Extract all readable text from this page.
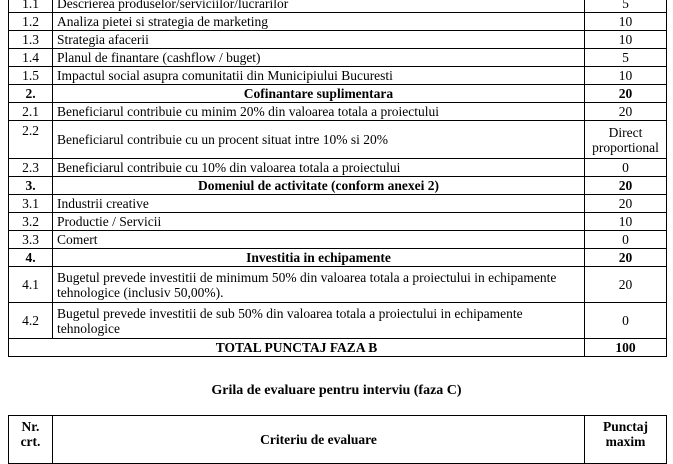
1.1	Descrierea produselor/serviciilor/lucrarilor	5
1.2	Analiza pietei si strategia de marketing	10
1.3	Strategia afacerii	10
1.4	Planul de finantare (cashflow / buget)	5
1.5	Impactul social asupra comunitatii din Municipiului Bucuresti	10
2.	Cofinantare suplimentara	20
2.1	Beneficiarul contribuie cu minim 20% din valoarea totala a proiectului	20
2.2	Beneficiarul contribuie cu un procent situat intre 10% si 20%	Direct proportional
2.3	Beneficiarul contribuie cu 10% din valoarea totala a proiectului	0
3.	Domeniul de activitate (conform anexei 2)	20
3.1	Industrii creative	20
3.2	Productie / Servicii	10
3.3	Comert	0
4.	Investitia in echipamente	20
4.1	Bugetul prevede investitii de minimum 50% din valoarea totala a proiectului in echipamente tehnologice (inclusiv 50,00%).	20
4.2	Bugetul prevede investitii de sub 50% din valoarea totala a proiectului in echipamente tehnologice	0
TOTAL PUNCTAJ FAZA B		100
Grila de evaluare pentru interviu (faza C)
Nr. crt.	Criteriu de evaluare	Punctaj maxim
